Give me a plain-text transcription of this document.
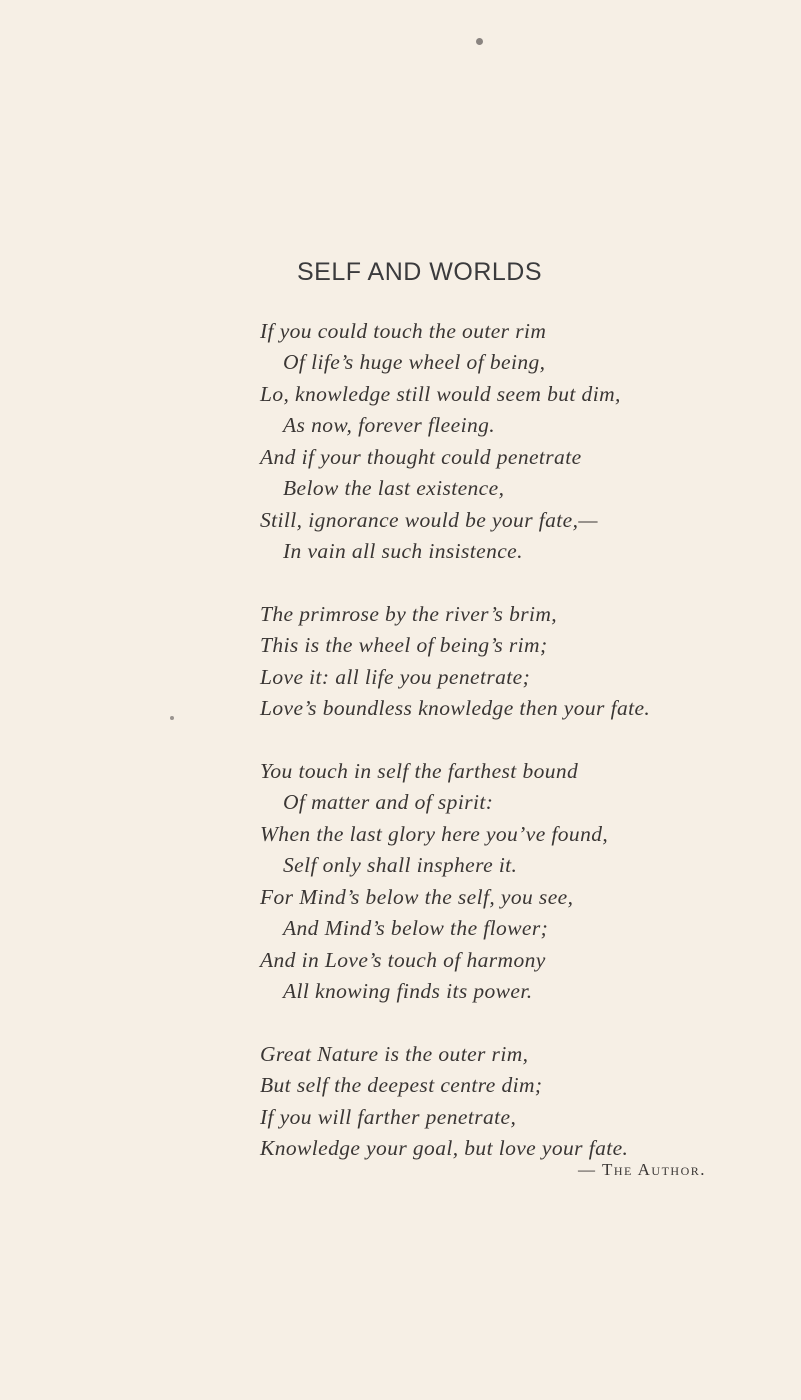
SELF AND WORLDS
If you could touch the outer rim
Of life’s huge wheel of being,
Lo, knowledge still would seem but dim,
As now, forever fleeing.
And if your thought could penetrate
Below the last existence,
Still, ignorance would be your fate,—
In vain all such insistence.
The primrose by the river’s brim,
This is the wheel of being’s rim;
Love it: all life you penetrate;
Love’s boundless knowledge then your fate.
You touch in self the farthest bound
Of matter and of spirit:
When the last glory here you’ve found,
Self only shall insphere it.
For Mind’s below the self, you see,
And Mind’s below the flower;
And in Love’s touch of harmony
All knowing finds its power.
Great Nature is the outer rim,
But self the deepest centre dim;
If you will farther penetrate,
Knowledge your goal, but love your fate.
— The Author.
